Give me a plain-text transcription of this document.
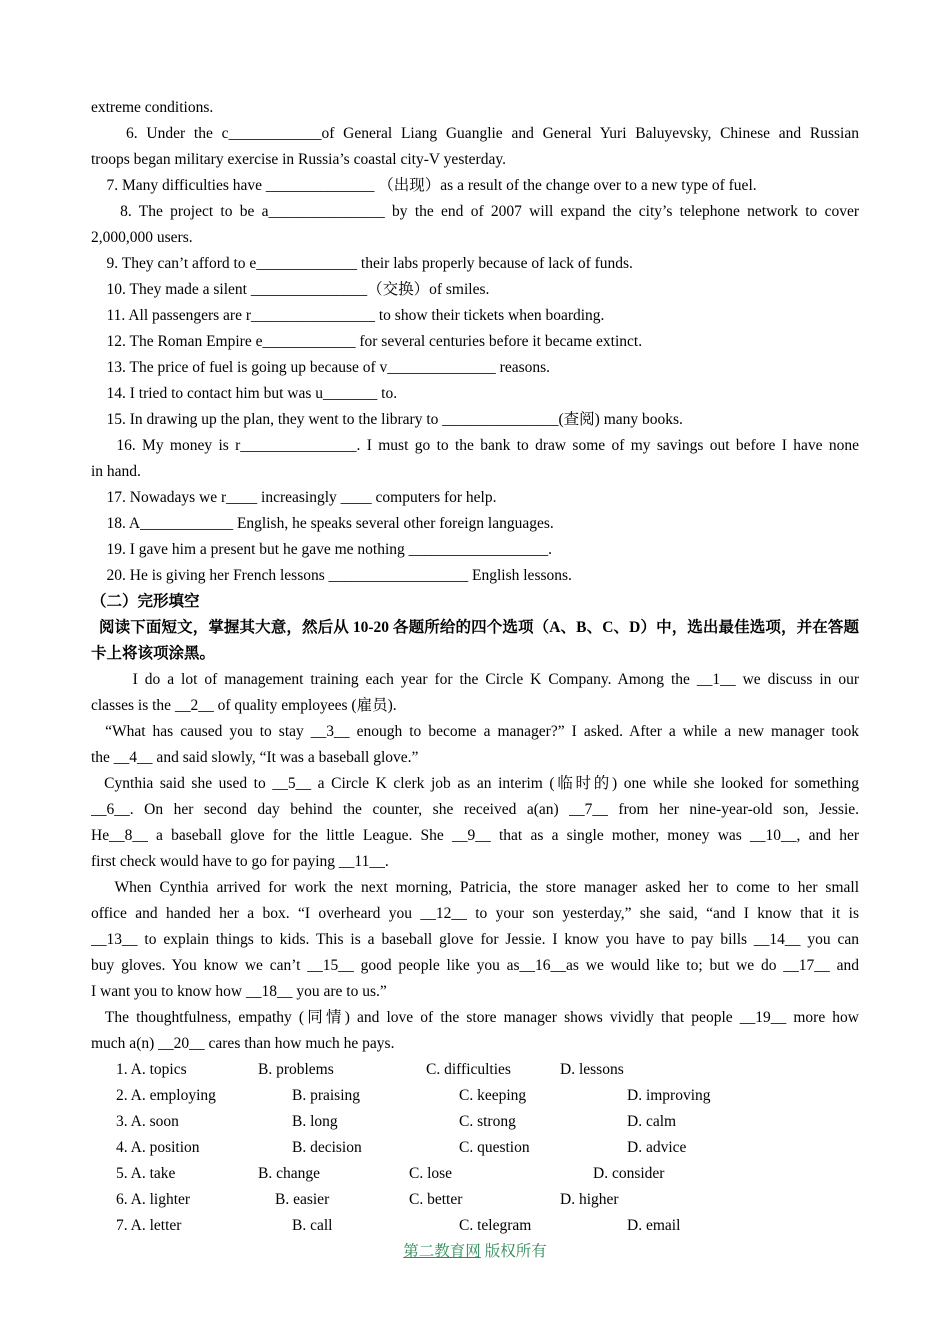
extreme conditions.
6. Under the c____________of General Liang Guanglie and General Yuri Baluyevsky, Chinese and Russian
troops began military exercise in Russia’s coastal city-V yesterday.
7. Many difficulties have ______________ （出现）as a result of the change over to a new type of fuel.
8. The project to be a_______________ by the end of 2007 will expand the city’s telephone network to cover
2,000,000 users.
9. They can’t afford to e_____________ their labs properly because of lack of funds.
10. They made a silent _______________（交换）of smiles.
11. All passengers are r________________ to show their tickets when boarding.
12. The Roman Empire e____________ for several centuries before it became extinct.
13. The price of fuel is going up because of v______________ reasons.
14. I tried to contact him but was u_______ to.
15. In drawing up the plan, they went to the library to _______________(查阅) many books.
16. My money is r_______________. I must go to the bank to draw some of my savings out before I have none
in hand.
17. Nowadays we r____ increasingly ____ computers for help.
18. A____________ English, he speaks several other foreign languages.
19. I gave him a present but he gave me nothing __________________.
20. He is giving her French lessons __________________ English lessons.
（二）完形填空
阅读下面短文，掌握其大意，然后从 10-20 各题所给的四个选项（A、B、C、D）中，选出最佳选项，并在答题
卡上将该项涂黑。
I do a lot of management training each year for the Circle K Company. Among the __1__ we discuss in our
classes is the __2__ of quality employees (雇员).
“What has caused you to stay __3__ enough to become a manager?” I asked. After a while a new manager took
the __4__ and said slowly, “It was a baseball glove.”
Cynthia said she used to __5__ a Circle K clerk job as an interim (临时的) one while she looked for something
__6__. On her second day behind the counter, she received a(an) __7__ from her nine-year-old son, Jessie.
He__8__ a baseball glove for the little League. She __9__ that as a single mother, money was __10__, and her
first check would have to go for paying __11__.
When Cynthia arrived for work the next morning, Patricia, the store manager asked her to come to her small
office and handed her a box. “I overheard you __12__ to your son yesterday,” she said, “and I know that it is
__13__ to explain things to kids. This is a baseball glove for Jessie. I know you have to pay bills __14__ you can
buy gloves. You know we can’t __15__ good people like you as__16__as we would like to; but we do __17__ and
I want you to know how __18__ you are to us.”
The thoughtfulness, empathy (同情) and love of the store manager shows vividly that people __19__ more how
much a(n) __20__ cares than how much he pays.
1. A. topics	B. problems	C. difficulties	D. lessons
2. A. employing	B. praising	C. keeping	D. improving
3. A. soon	B. long	C. strong	D. calm
4. A. position	B. decision	C. question	D. advice
5. A. take	B. change	C. lose	D. consider
6. A. lighter	B. easier	C. better	D. higher
7. A. letter	B. call	C. telegram	D. email
第二教育网 版权所有
